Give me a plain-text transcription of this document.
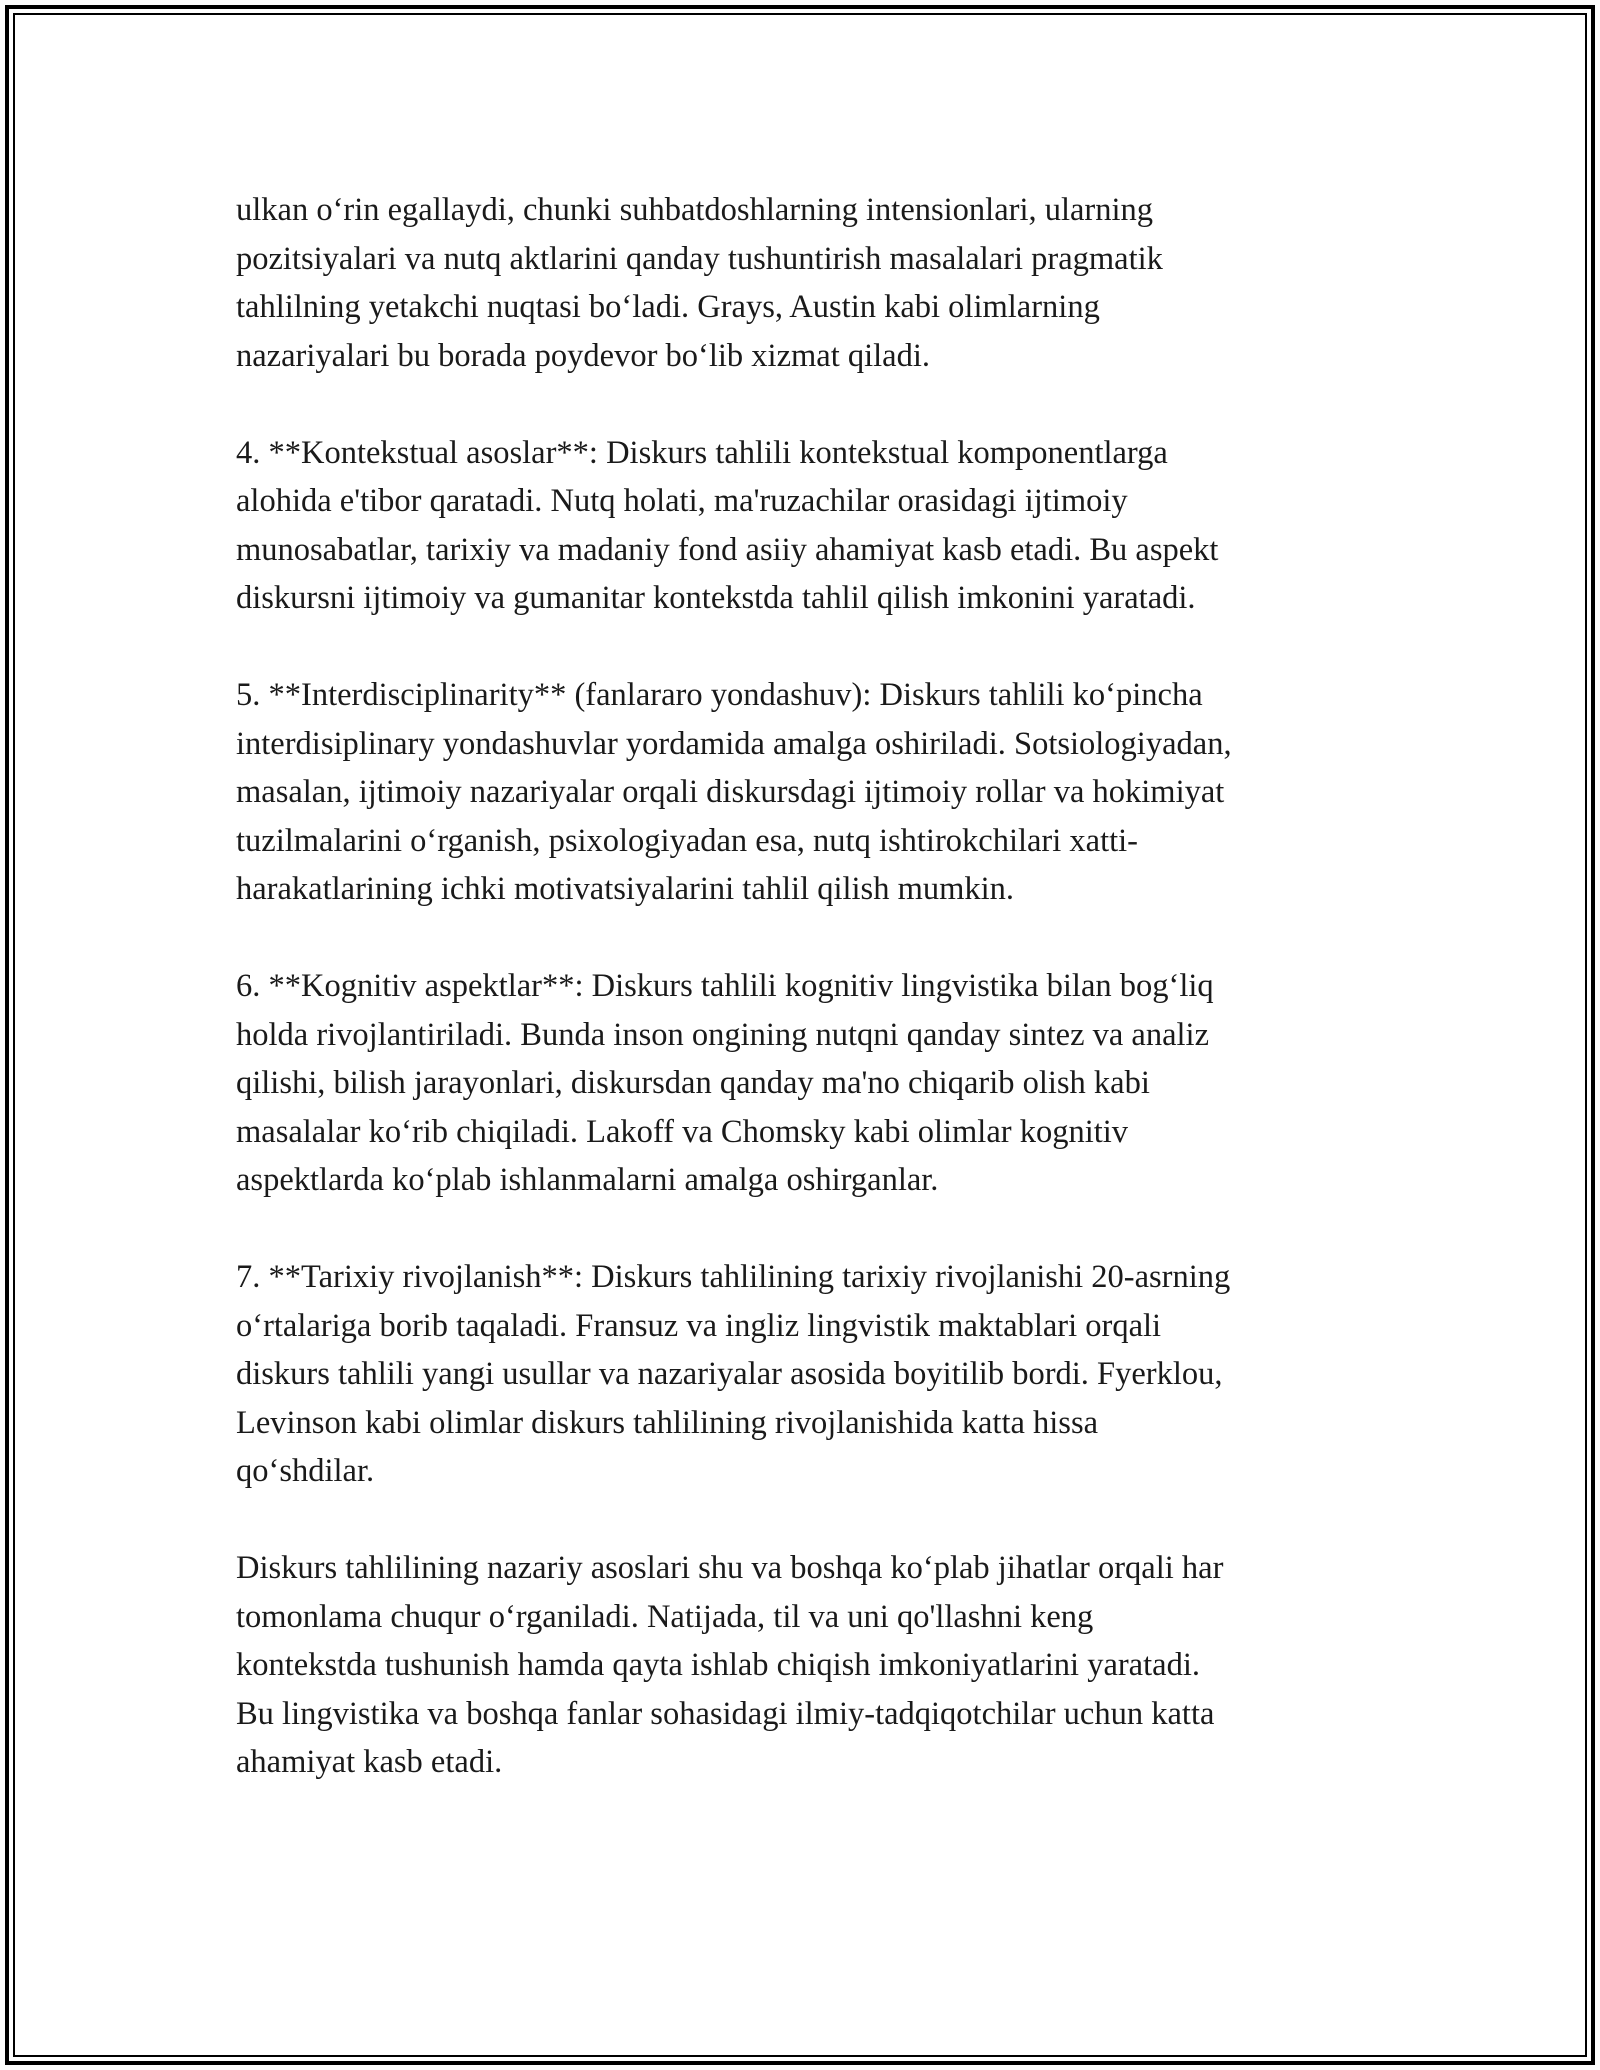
ulkan o‘rin egallaydi, chunki suhbatdoshlarning intensionlari, ularning
pozitsiyalari va nutq aktlarini qanday tushuntirish masalalari pragmatik
tahlilning yetakchi nuqtasi bo‘ladi. Grays, Austin kabi olimlarning
nazariyalari bu borada poydevor bo‘lib xizmat qiladi.

4. **Kontekstual asoslar**: Diskurs tahlili kontekstual komponentlarga
alohida e'tibor qaratadi. Nutq holati, ma'ruzachilar orasidagi ijtimoiy
munosabatlar, tarixiy va madaniy fond asiiy ahamiyat kasb etadi. Bu aspekt
diskursni ijtimoiy va gumanitar kontekstda tahlil qilish imkonini yaratadi.

5. **Interdisciplinarity** (fanlararo yondashuv): Diskurs tahlili ko‘pincha
interdisiplinary yondashuvlar yordamida amalga oshiriladi. Sotsiologiyadan,
masalan, ijtimoiy nazariyalar orqali diskursdagi ijtimoiy rollar va hokimiyat
tuzilmalarini o‘rganish, psixologiyadan esa, nutq ishtirokchilari xatti-
harakatlarining ichki motivatsiyalarini tahlil qilish mumkin.

6. **Kognitiv aspektlar**: Diskurs tahlili kognitiv lingvistika bilan bog‘liq
holda rivojlantiriladi. Bunda inson ongining nutqni qanday sintez va analiz
qilishi, bilish jarayonlari, diskursdan qanday ma'no chiqarib olish kabi
masalalar ko‘rib chiqiladi. Lakoff va Chomsky kabi olimlar kognitiv
aspektlarda ko‘plab ishlanmalarni amalga oshirganlar.

7. **Tarixiy rivojlanish**: Diskurs tahlilining tarixiy rivojlanishi 20-asrning
o‘rtalariga borib taqaladi. Fransuz va ingliz lingvistik maktablari orqali
diskurs tahlili yangi usullar va nazariyalar asosida boyitilib bordi. Fyerklou,
Levinson kabi olimlar diskurs tahlilining rivojlanishida katta hissa
qo‘shdilar.

Diskurs tahlilining nazariy asoslari shu va boshqa ko‘plab jihatlar orqali har
tomonlama chuqur o‘rganiladi. Natijada, til va uni qo'llashni keng
kontekstda tushunish hamda qayta ishlab chiqish imkoniyatlarini yaratadi.
Bu lingvistika va boshqa fanlar sohasidagi ilmiy-tadqiqotchilar uchun katta
ahamiyat kasb etadi.
